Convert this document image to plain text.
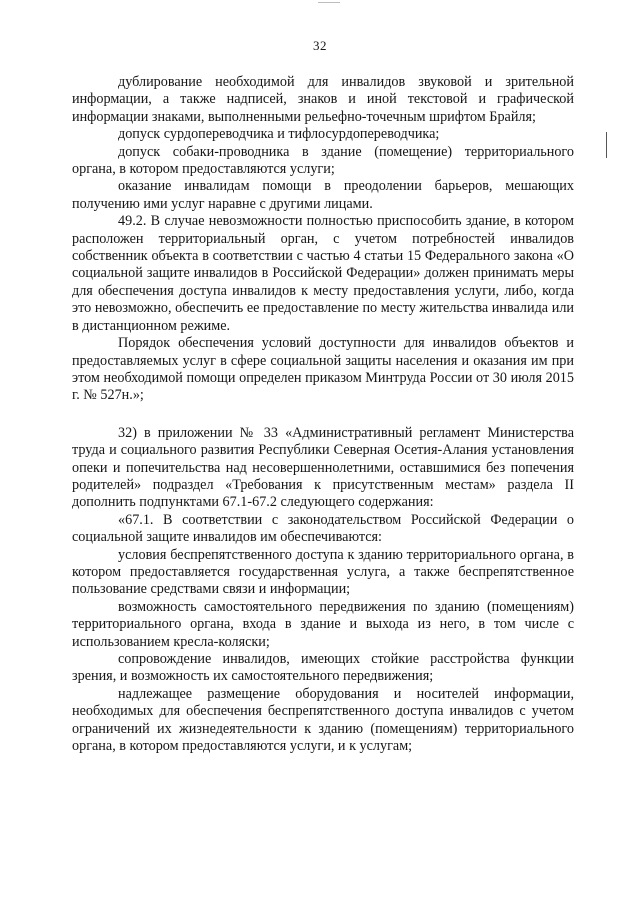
32

дублирование необходимой для инвалидов звуковой и зрительной информации, а также надписей, знаков и иной текстовой и графической информации знаками, выполненными рельефно-точечным шрифтом Брайля;

допуск сурдопереводчика и тифлосурдопереводчика;

допуск собаки-проводника в здание (помещение) территориального органа, в котором предоставляются услуги;

оказание инвалидам помощи в преодолении барьеров, мешающих получению ими услуг наравне с другими лицами.

49.2. В случае невозможности полностью приспособить здание, в котором расположен территориальный орган, с учетом потребностей инвалидов собственник объекта в соответствии с частью 4 статьи 15 Федерального закона «О социальной защите инвалидов в Российской Федерации» должен принимать меры для обеспечения доступа инвалидов к месту предоставления услуги, либо, когда это невозможно, обеспечить ее предоставление по месту жительства инвалида или в дистанционном режиме.

Порядок обеспечения условий доступности для инвалидов объектов и предоставляемых услуг в сфере социальной защиты населения и оказания им при этом необходимой помощи определен приказом Минтруда России от 30 июля 2015 г. № 527н.»;

32) в приложении № 33 «Административный регламент Министерства труда и социального развития Республики Северная Осетия-Алания установления опеки и попечительства над несовершеннолетними, оставшимися без попечения родителей» подраздел «Требования к присутственным местам» раздела II дополнить подпунктами 67.1-67.2 следующего содержания:

«67.1. В соответствии с законодательством Российской Федерации о социальной защите инвалидов им обеспечиваются:

условия беспрепятственного доступа к зданию территориального органа, в котором предоставляется государственная услуга, а также беспрепятственное пользование средствами связи и информации;

возможность самостоятельного передвижения по зданию (помещениям) территориального органа, входа в здание и выхода из него, в том числе с использованием кресла-коляски;

сопровождение инвалидов, имеющих стойкие расстройства функции зрения, и возможность их самостоятельного передвижения;

надлежащее размещение оборудования и носителей информации, необходимых для обеспечения беспрепятственного доступа инвалидов с учетом ограничений их жизнедеятельности к зданию (помещениям) территориального органа, в котором предоставляются услуги, и к услугам;
